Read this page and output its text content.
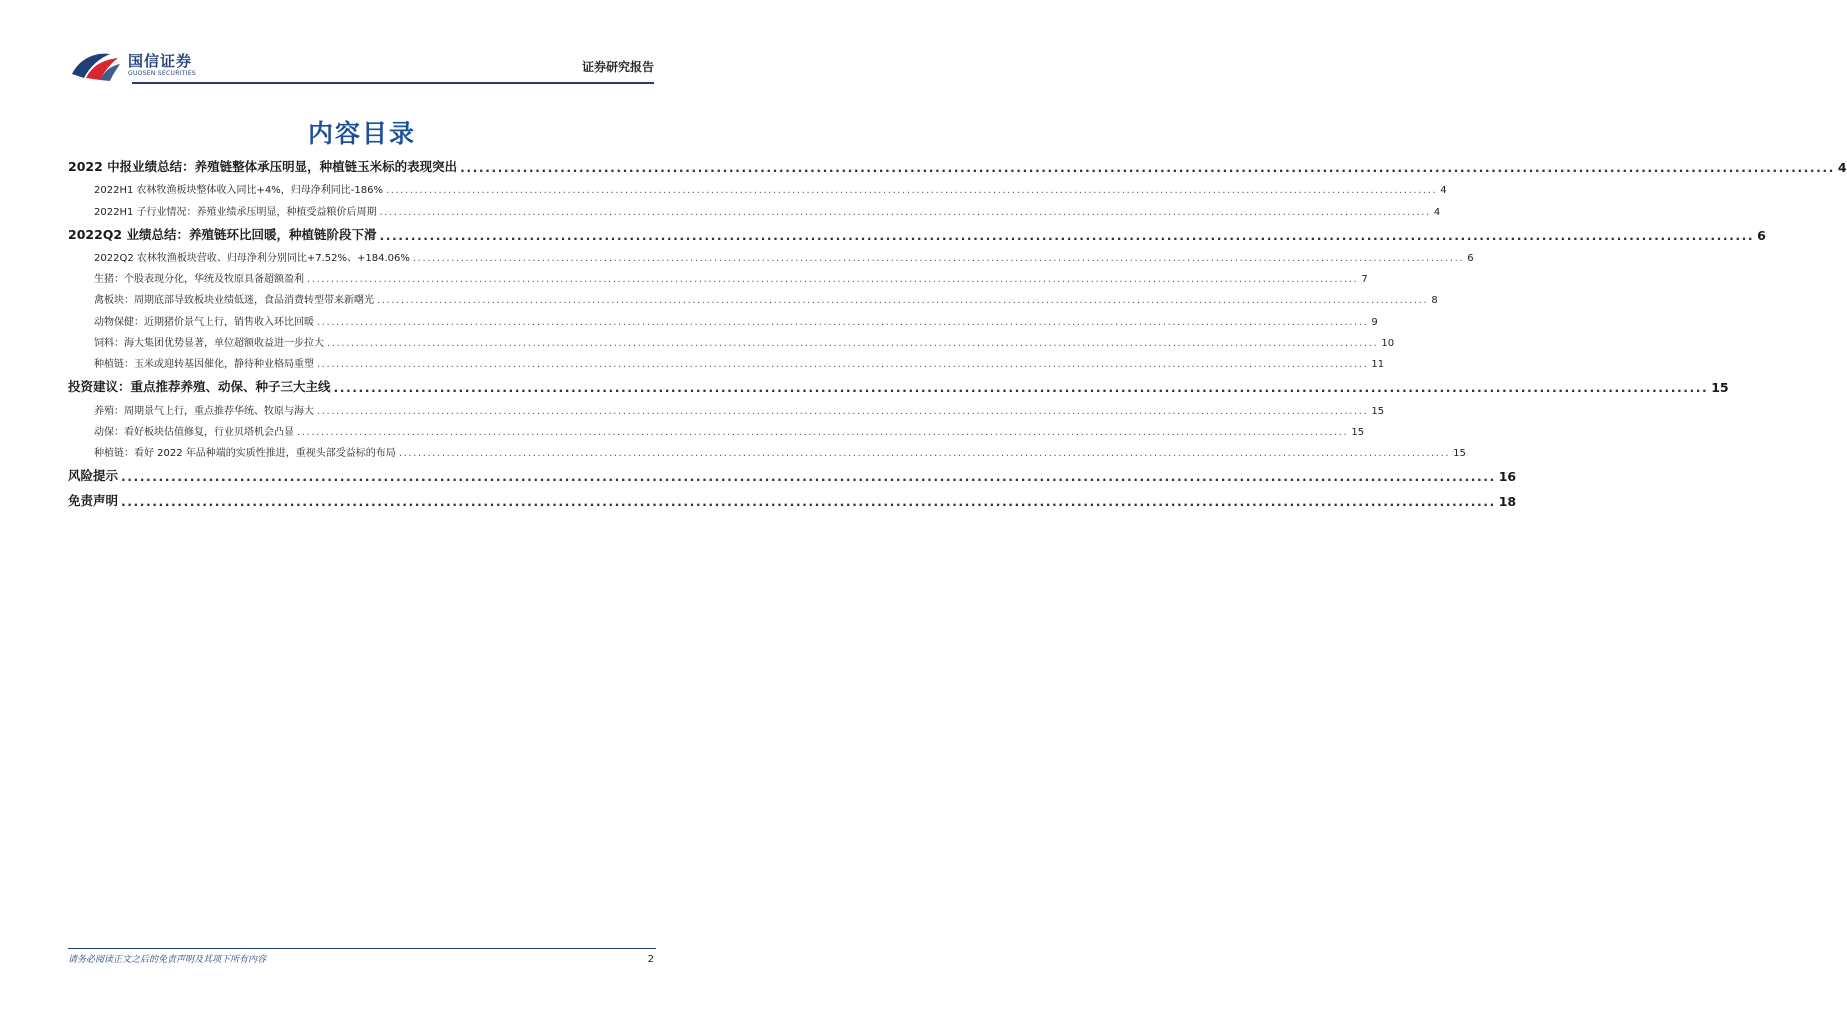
国信证券
GUOSEN SECURITIES	证券研究报告
内容目录
2022 中报业绩总结：养殖链整体承压明显，种植链玉米标的表现突出 ............................................................................................................................................................................................................................ 4
2022H1 农林牧渔板块整体收入同比+4%，归母净利同比-186% ............................................................................................................................................................................................................................ 4
2022H1 子行业情况：养殖业绩承压明显，种植受益粮价后周期 ............................................................................................................................................................................................................................ 4
2022Q2 业绩总结：养殖链环比回暖，种植链阶段下滑 ............................................................................................................................................................................................................................ 6
2022Q2 农林牧渔板块营收、归母净利分别同比+7.52%、+184.06% ............................................................................................................................................................................................................................ 6
生猪：个股表现分化，华统及牧原具备超额盈利 ............................................................................................................................................................................................................................ 7
禽板块：周期底部导致板块业绩低迷，食品消费转型带来新曙光 ............................................................................................................................................................................................................................ 8
动物保健：近期猪价景气上行，销售收入环比回暖 ............................................................................................................................................................................................................................ 9
饲料：海大集团优势显著，单位超额收益进一步拉大 ............................................................................................................................................................................................................................ 10
种植链：玉米或迎转基因催化，静待种业格局重塑 ............................................................................................................................................................................................................................ 11
投资建议：重点推荐养殖、动保、种子三大主线 ............................................................................................................................................................................................................................ 15
养殖：周期景气上行，重点推荐华统、牧原与海大 ............................................................................................................................................................................................................................ 15
动保：看好板块估值修复，行业贝塔机会凸显 ............................................................................................................................................................................................................................ 15
种植链：看好 2022 年品种端的实质性推进，重视头部受益标的布局 ............................................................................................................................................................................................................................ 15
风险提示 ............................................................................................................................................................................................................................ 16
免责声明 ............................................................................................................................................................................................................................ 18
请务必阅读正文之后的免责声明及其项下所有内容	2
